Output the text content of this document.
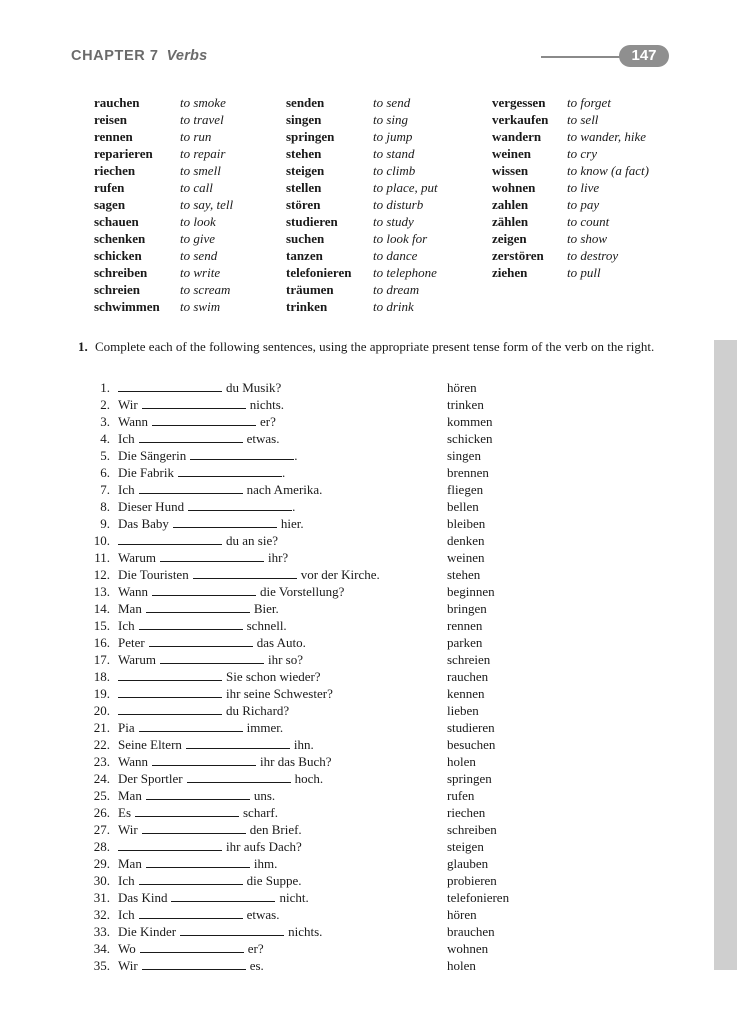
CHAPTER 7 Verbs	147
rauchen	to smoke
reisen	to travel
rennen	to run
reparieren to repair
riechen	to smell
rufen	to call
sagen	to say, tell
schauen	to look
schenken	to give
schicken	to send
schreiben	to write
schreien	to scream
schwimmen to swim
senden	to send
singen	to sing
springen	to jump
stehen	to stand
steigen	to climb
stellen	to place, put
stören	to disturb
studieren	to study
suchen	to look for
tanzen	to dance
telefonieren to telephone
träumen	to dream
trinken	to drink
vergessen to forget
verkaufen to sell
wandern to wander, hike
weinen	to cry
wissen	to know (a fact)
wohnen to live
zahlen	to pay
zählen	to count
zeigen	to show
zerstören to destroy
ziehen	to pull
1. Complete each of the following sentences, using the appropriate present tense form of the verb on the right.
1.	du Musik?	hören
2. Wir	nichts.	trinken
3. Wann	er?	kommen
4. Ich	etwas.	schicken
5. Die Sängerin	.	singen
6. Die Fabrik	.	brennen
7. Ich	nach Amerika.	fliegen
8. Dieser Hund	.	bellen
9. Das Baby	hier.	bleiben
10.	du an sie?	denken
11. Warum	ihr?	weinen
12. Die Touristen	vor der Kirche.	stehen
13. Wann	die Vorstellung?	beginnen
14. Man	Bier.	bringen
15. Ich	schnell.	rennen
16. Peter	das Auto.	parken
17. Warum	ihr so?	schreien
18.	Sie schon wieder?	rauchen
19.	ihr seine Schwester?	kennen
20.	du Richard?	lieben
21. Pia	immer.	studieren
22. Seine Eltern	ihn.	besuchen
23. Wann	ihr das Buch?	holen
24. Der Sportler	hoch.	springen
25. Man	uns.	rufen
26. Es	scharf.	riechen
27. Wir	den Brief.	schreiben
28.	ihr aufs Dach?	steigen
29. Man	ihm.	glauben
30. Ich	die Suppe.	probieren
31. Das Kind	nicht.	telefonieren
32. Ich	etwas.	hören
33. Die Kinder	nichts.	brauchen
34. Wo	er?	wohnen
35. Wir	es.	holen
